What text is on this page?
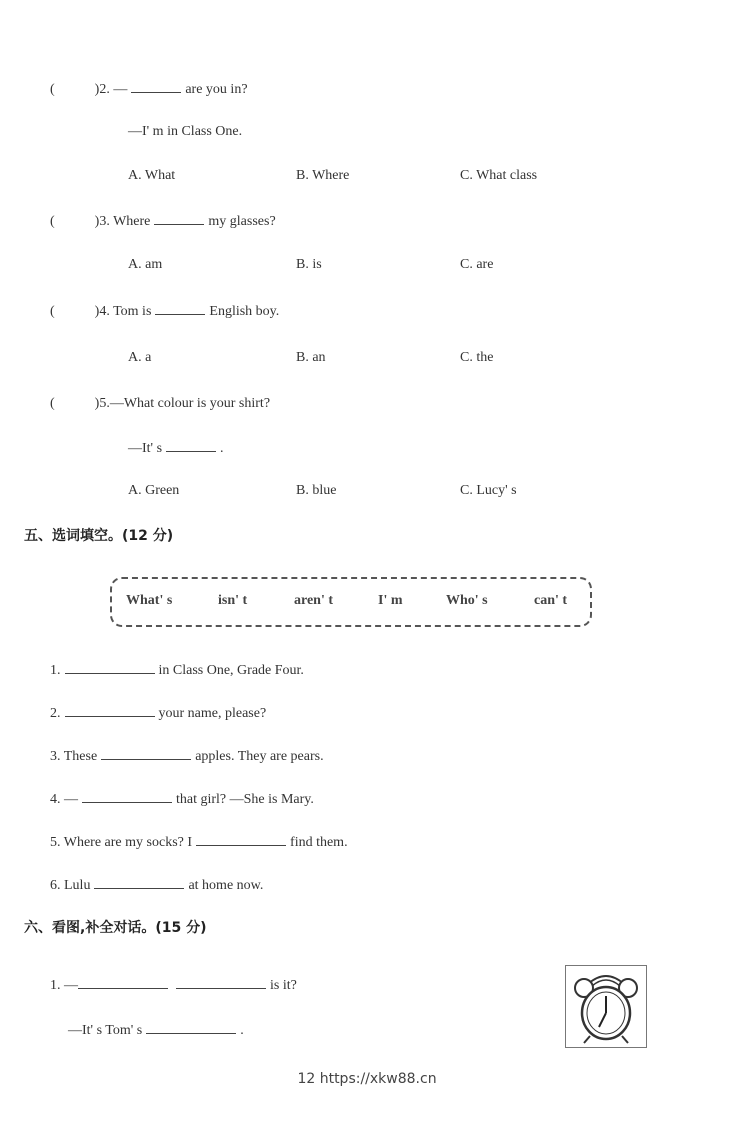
(	)2. —	are you in?
—I' m in Class One.
A. What	B. Where	C. What class
(	)3. Where	my glasses?
A. am	B. is	C. are
(	)4. Tom is	English boy.
A. a	B. an	C. the
(	)5.—What colour is your shirt?
—It' s	.
A. Green	B. blue	C. Lucy' s
五、选词填空。(12 分)
What' s	isn' t	aren' t	I' m	Who' s	can' t
1.	in Class One, Grade Four.
2.	your name, please?
3. These	apples. They are pears.
4. —	that girl? —She is Mary.
5. Where are my socks? I	find them.
6. Lulu	at home now.
六、看图,补全对话。(15 分)
1. —	is it?
—It' s Tom' s	.
12 https://xkw88.cn
